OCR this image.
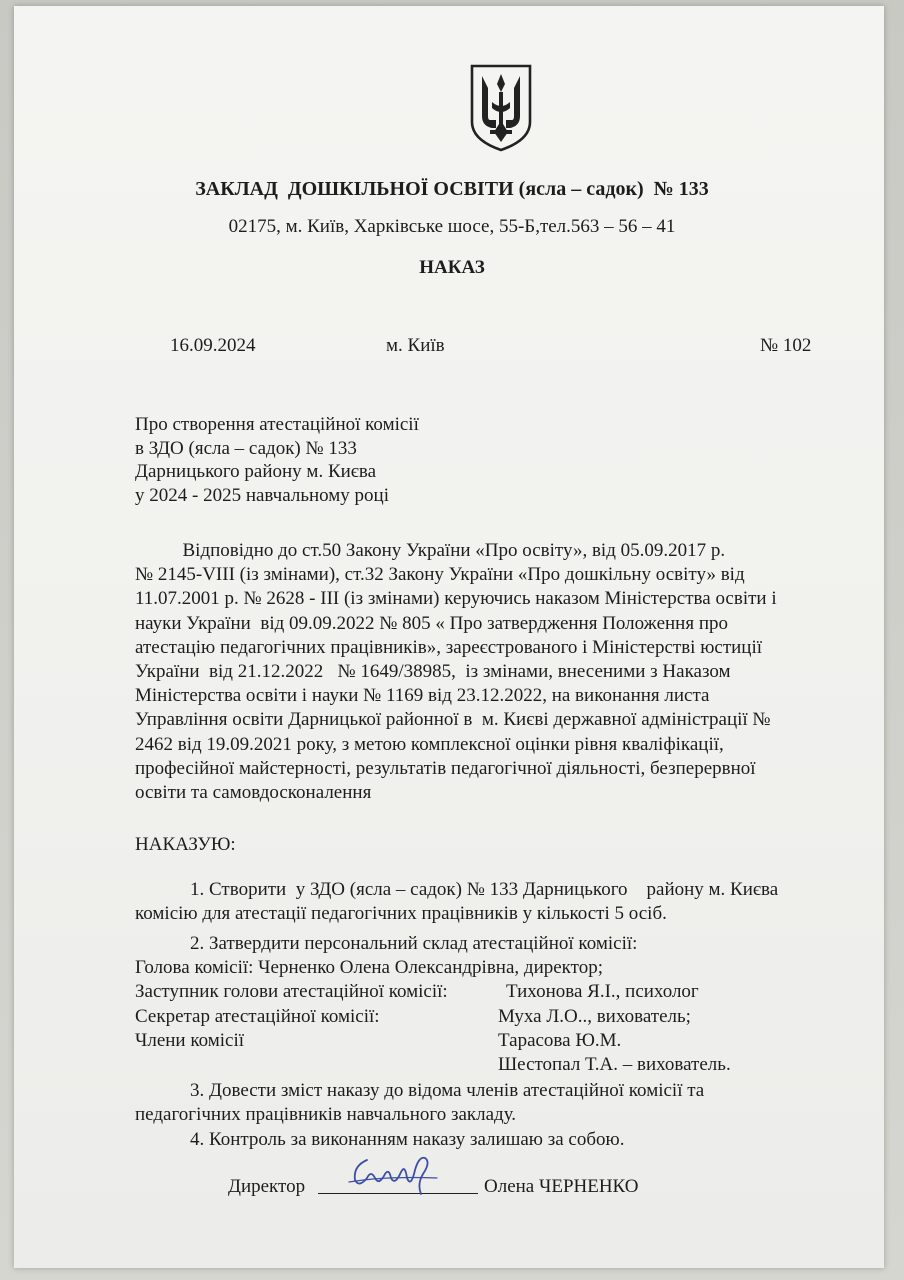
ЗАКЛАД  ДОШКІЛЬНОЇ ОСВІТИ (ясла – садок)  № 133
02175, м. Київ, Харківське шосе, 55-Б,тел.563 – 56 – 41
НАКАЗ
16.09.2024	м. Київ	№ 102
Про створення атестаційної комісії
в ЗДО (ясла – садок) № 133
Дарницького району м. Києва
у 2024 - 2025 навчальному році
Відповідно до ст.50 Закону України «Про освіту», від 05.09.2017 р.
№ 2145-VIII (із змінами), ст.32 Закону України «Про дошкільну освіту» від
11.07.2001 р. № 2628 - ІІІ (із змінами) керуючись наказом Міністерства освіти і
науки України  від 09.09.2022 № 805 « Про затвердження Положення про
атестацію педагогічних працівників», зареєстрованого і Міністерстві юстиції
України  від 21.12.2022   № 1649/38985,  із змінами, внесеними з Наказом
Міністерства освіти і науки № 1169 від 23.12.2022, на виконання листа
Управління освіти Дарницької районної в  м. Києві державної адміністрації №
2462 від 19.09.2021 року, з метою комплексної оцінки рівня кваліфікації,
професійної майстерності, результатів педагогічної діяльності, безперервної
освіти та самовдосконалення
НАКАЗУЮ:
1. Створити  у ЗДО (ясла – садок) № 133 Дарницького    району м. Києва
комісію для атестації педагогічних працівників у кількості 5 осіб.
2. Затвердити персональний склад атестаційної комісії:
Голова комісії: Черненко Олена Олександрівна, директор;
Заступник голови атестаційної комісії:	Тихонова Я.І., психолог
Секретар атестаційної комісії:	Муха Л.О.., вихователь;
Члени комісії	Тарасова Ю.М.
Шестопал Т.А. – вихователь.
3. Довести зміст наказу до відома членів атестаційної комісії та
педагогічних працівників навчального закладу.
4. Контроль за виконанням наказу залишаю за собою.
Директор	Олена ЧЕРНЕНКО
